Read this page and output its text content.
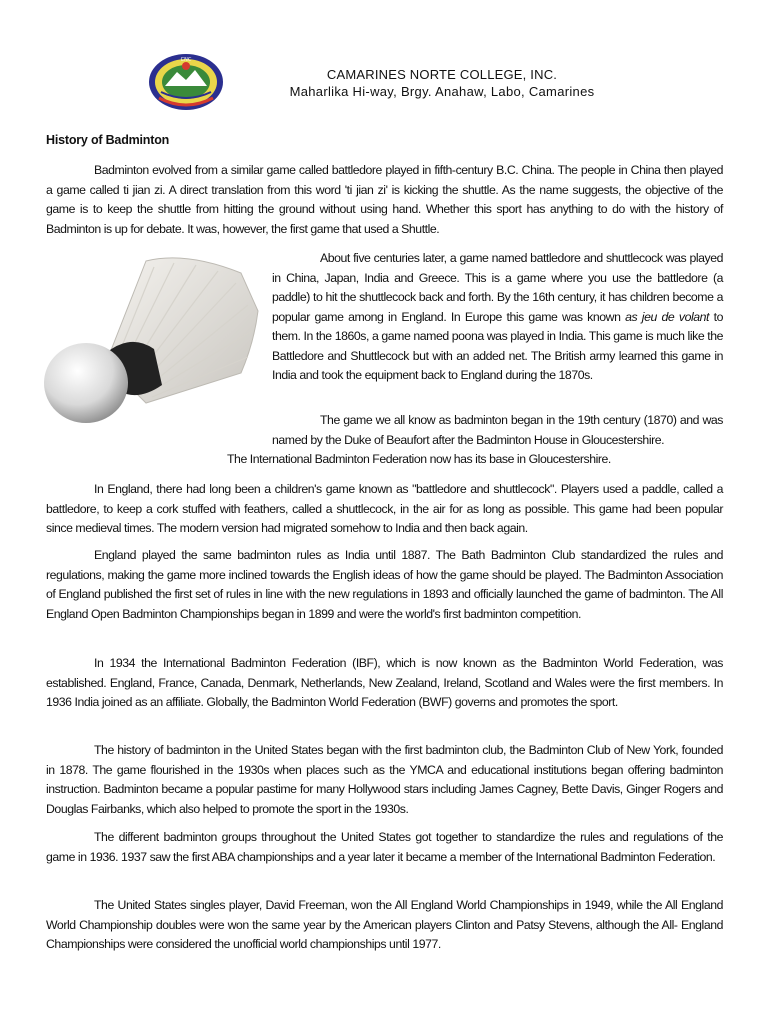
CNC
CAMARINES NORTE COLLEGE, INC.
Maharlika Hi-way, Brgy. Anahaw, Labo, Camarines
History of Badminton

Badminton evolved from a similar game called battledore played in fifth-century B.C. China. The people in China then played a game called ti jian zi. A direct translation from this word 'ti jian zi' is kicking the shuttle. As the name suggests, the objective of the game is to keep the shuttle from hitting the ground without using hand. Whether this sport has anything to do with the history of Badminton is up for debate. It was, however, the first game that used a Shuttle.

About five centuries later, a game named battledore and shuttlecock was played in China, Japan, India and Greece. This is a game where you use the battledore (a paddle) to hit the shuttlecock back and forth. By the 16th century, it has children become a popular game among in England. In Europe this game was known as jeu de volant to them. In the 1860s, a game named poona was played in India. This game is much like the Battledore and Shuttlecock but with an added net. The British army learned this game in India and took the equipment back to England during the 1870s.

The game we all know as badminton began in the 19th century (1870) and was named by the Duke of Beaufort after the Badminton House in Gloucestershire.

The International Badminton Federation now has its base in Gloucestershire.

In England, there had long been a children's game known as "battledore and shuttlecock". Players used a paddle, called a battledore, to keep a cork stuffed with feathers, called a shuttlecock, in the air for as long as possible. This game had been popular since medieval times. The modern version had migrated somehow to India and then back again.

England played the same badminton rules as India until 1887. The Bath Badminton Club standardized the rules and regulations, making the game more inclined towards the English ideas of how the game should be played. The Badminton Association of England published the first set of rules in line with the new regulations in 1893 and officially launched the game of badminton. The All England Open Badminton Championships began in 1899 and were the world's first badminton competition.

In 1934 the International Badminton Federation (IBF), which is now known as the Badminton World Federation, was established. England, France, Canada, Denmark, Netherlands, New Zealand, Ireland, Scotland and Wales were the first members. In 1936 India joined as an affiliate. Globally, the Badminton World Federation (BWF) governs and promotes the sport.

The history of badminton in the United States began with the first badminton club, the Badminton Club of New York, founded in 1878. The game flourished in the 1930s when places such as the YMCA and educational institutions began offering badminton instruction. Badminton became a popular pastime for many Hollywood stars including James Cagney, Bette Davis, Ginger Rogers and Douglas Fairbanks, which also helped to promote the sport in the 1930s.

The different badminton groups throughout the United States got together to standardize the rules and regulations of the game in 1936. 1937 saw the first ABA championships and a year later it became a member of the International Badminton Federation.

The United States singles player, David Freeman, won the All England World Championships in 1949, while the All England World Championship doubles were won the same year by the American players Clinton and Patsy Stevens, although the All- England Championships were considered the unofficial world championships until 1977.
